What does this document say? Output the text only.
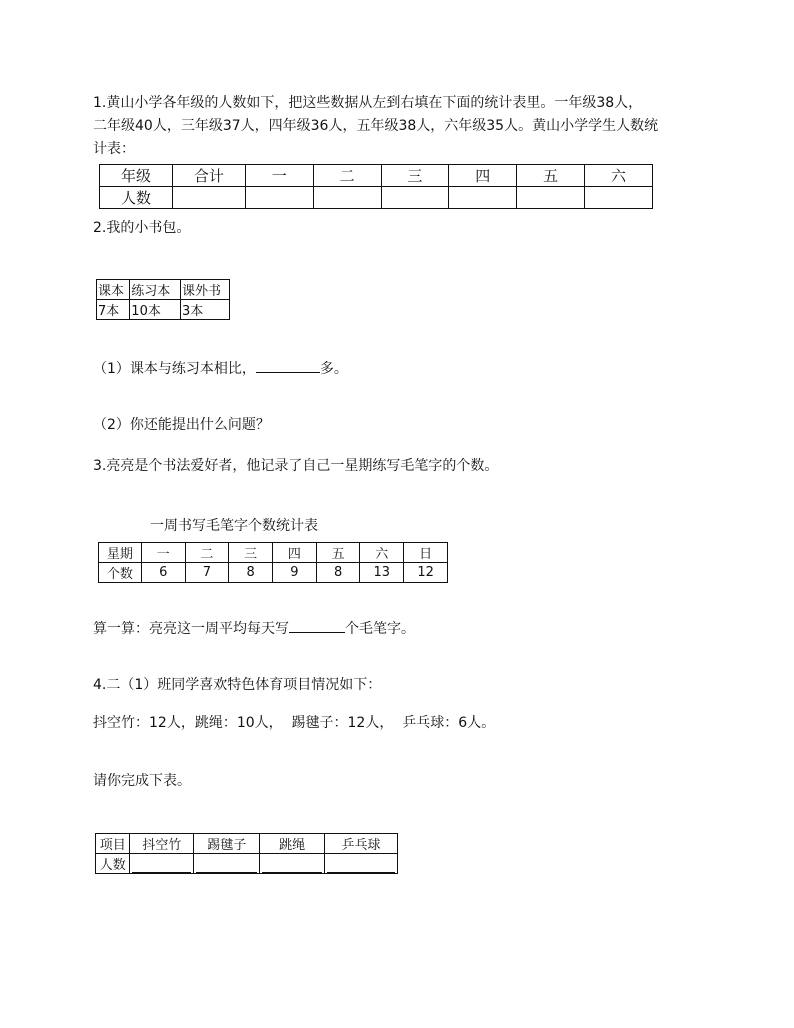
1.黄山小学各年级的人数如下，把这些数据从左到右填在下面的统计表里。一年级38人，
二年级40人，三年级37人，四年级36人，五年级38人，六年级35人。黄山小学学生人数统
计表：
年级	合计	一	二	三	四	五	六
人数							
2.我的小书包。
课本	练习本	课外书
7本	10本	3本
（1）课本与练习本相比，	多。
（2）你还能提出什么问题？
3.亮亮是个书法爱好者，他记录了自己一星期练写毛笔字的个数。
一周书写毛笔字个数统计表
星期	一	二	三	四	五	六	日
个数	6	7	8	9	8	13	12
算一算：亮亮这一周平均每天写	个毛笔字。
4.二（1）班同学喜欢特色体育项目情况如下：
抖空竹：12人，跳绳：10人，  踢毽子：12人，  乒乓球：6人。
请你完成下表。
项目	抖空竹	踢毽子	跳绳	乒乓球
人数	
